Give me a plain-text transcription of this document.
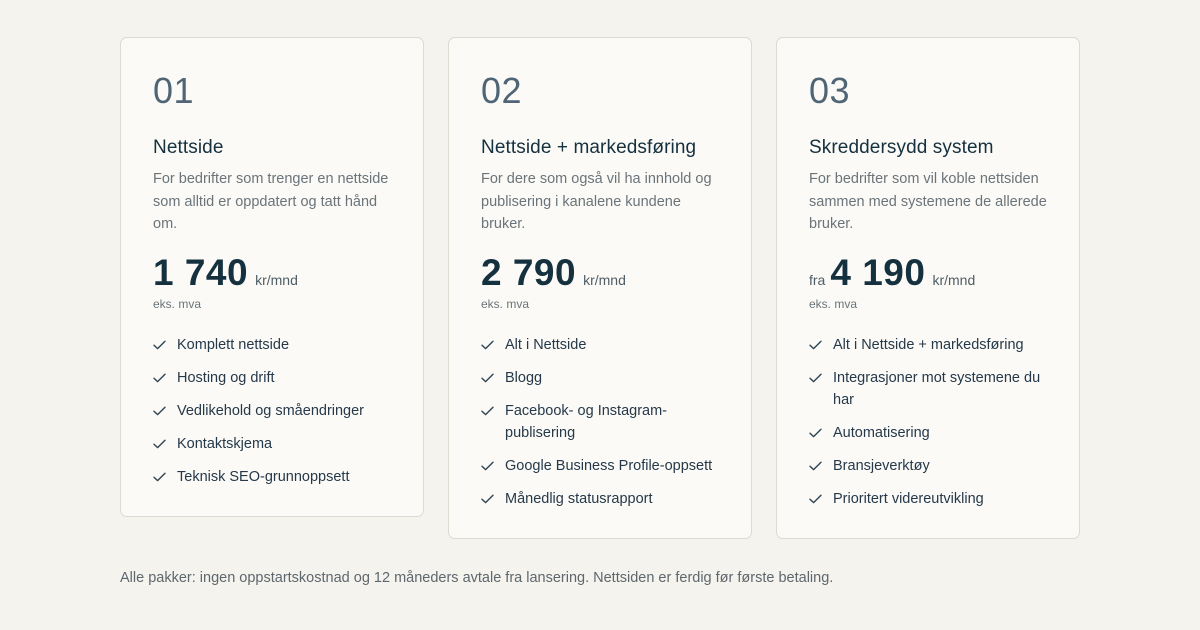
01
Nettside
For bedrifter som trenger en nettside som alltid er oppdatert og tatt hånd om.
1 740 kr/mnd
eks. mva
Komplett nettside
Hosting og drift
Vedlikehold og småendringer
Kontaktskjema
Teknisk SEO-grunnoppsett
02
Nettside + markedsføring
For dere som også vil ha innhold og publisering i kanalene kundene bruker.
2 790 kr/mnd
eks. mva
Alt i Nettside
Blogg
Facebook- og Instagram-publisering
Google Business Profile-oppsett
Månedlig statusrapport
03
Skreddersydd system
For bedrifter som vil koble nettsiden sammen med systemene de allerede bruker.
fra 4 190 kr/mnd
eks. mva
Alt i Nettside + markedsføring
Integrasjoner mot systemene du har
Automatisering
Bransjeverktøy
Prioritert videreutvikling
Alle pakker: ingen oppstartskostnad og 12 måneders avtale fra lansering. Nettsiden er ferdig før første betaling.
